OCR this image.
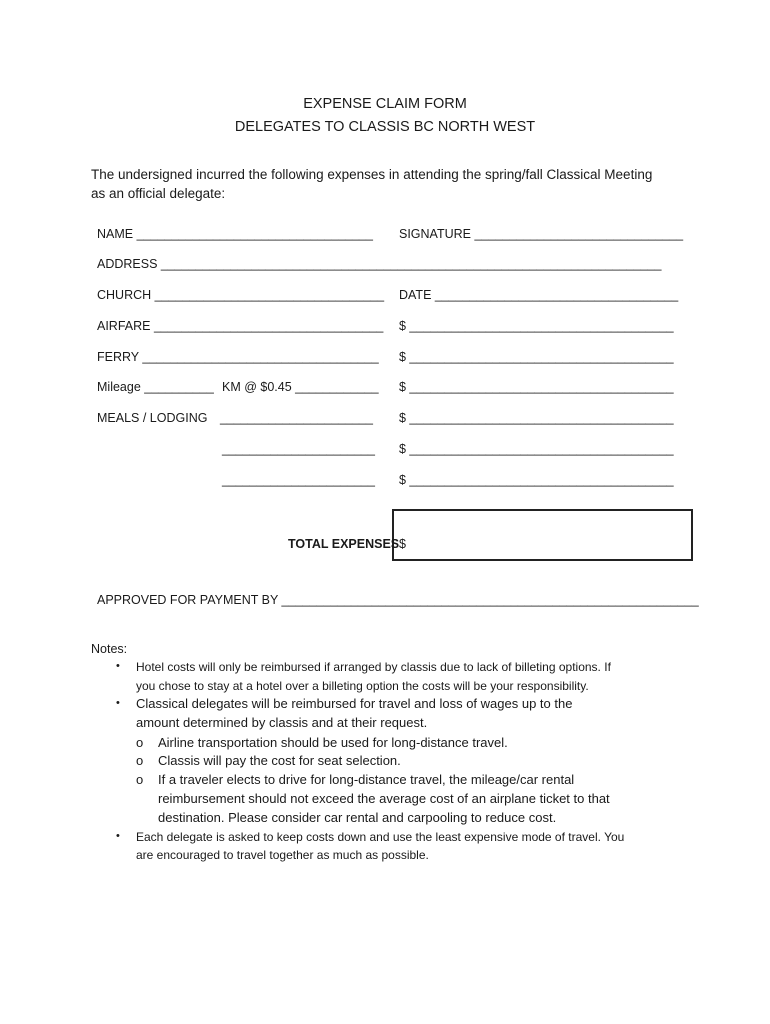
EXPENSE CLAIM FORM
DELEGATES TO CLASSIS BC NORTH WEST
The undersigned incurred the following expenses in attending the spring/fall Classical Meeting
as an official delegate:
NAME __________________________________ SIGNATURE ______________________________
ADDRESS ________________________________________________________________________
CHURCH _________________________________ DATE ___________________________________
AIRFARE _________________________________ $ ______________________________________
FERRY __________________________________ $ ______________________________________
Mileage __________ KM @ $0.45 ____________ $ ______________________________________
MEALS / LODGING ______________________ $ ______________________________________
______________________ $ ______________________________________
______________________ $ ______________________________________
TOTAL EXPENSES $
APPROVED FOR PAYMENT BY ____________________________________________________________
Notes:
• Hotel costs will only be reimbursed if arranged by classis due to lack of billeting options. If
you chose to stay at a hotel over a billeting option the costs will be your responsibility.
• Classical delegates will be reimbursed for travel and loss of wages up to the
amount determined by classis and at their request.
o Airline transportation should be used for long-distance travel.
o Classis will pay the cost for seat selection.
o If a traveler elects to drive for long-distance travel, the mileage/car rental
reimbursement should not exceed the average cost of an airplane ticket to that
destination. Please consider car rental and carpooling to reduce cost.
• Each delegate is asked to keep costs down and use the least expensive mode of travel. You
are encouraged to travel together as much as possible.
